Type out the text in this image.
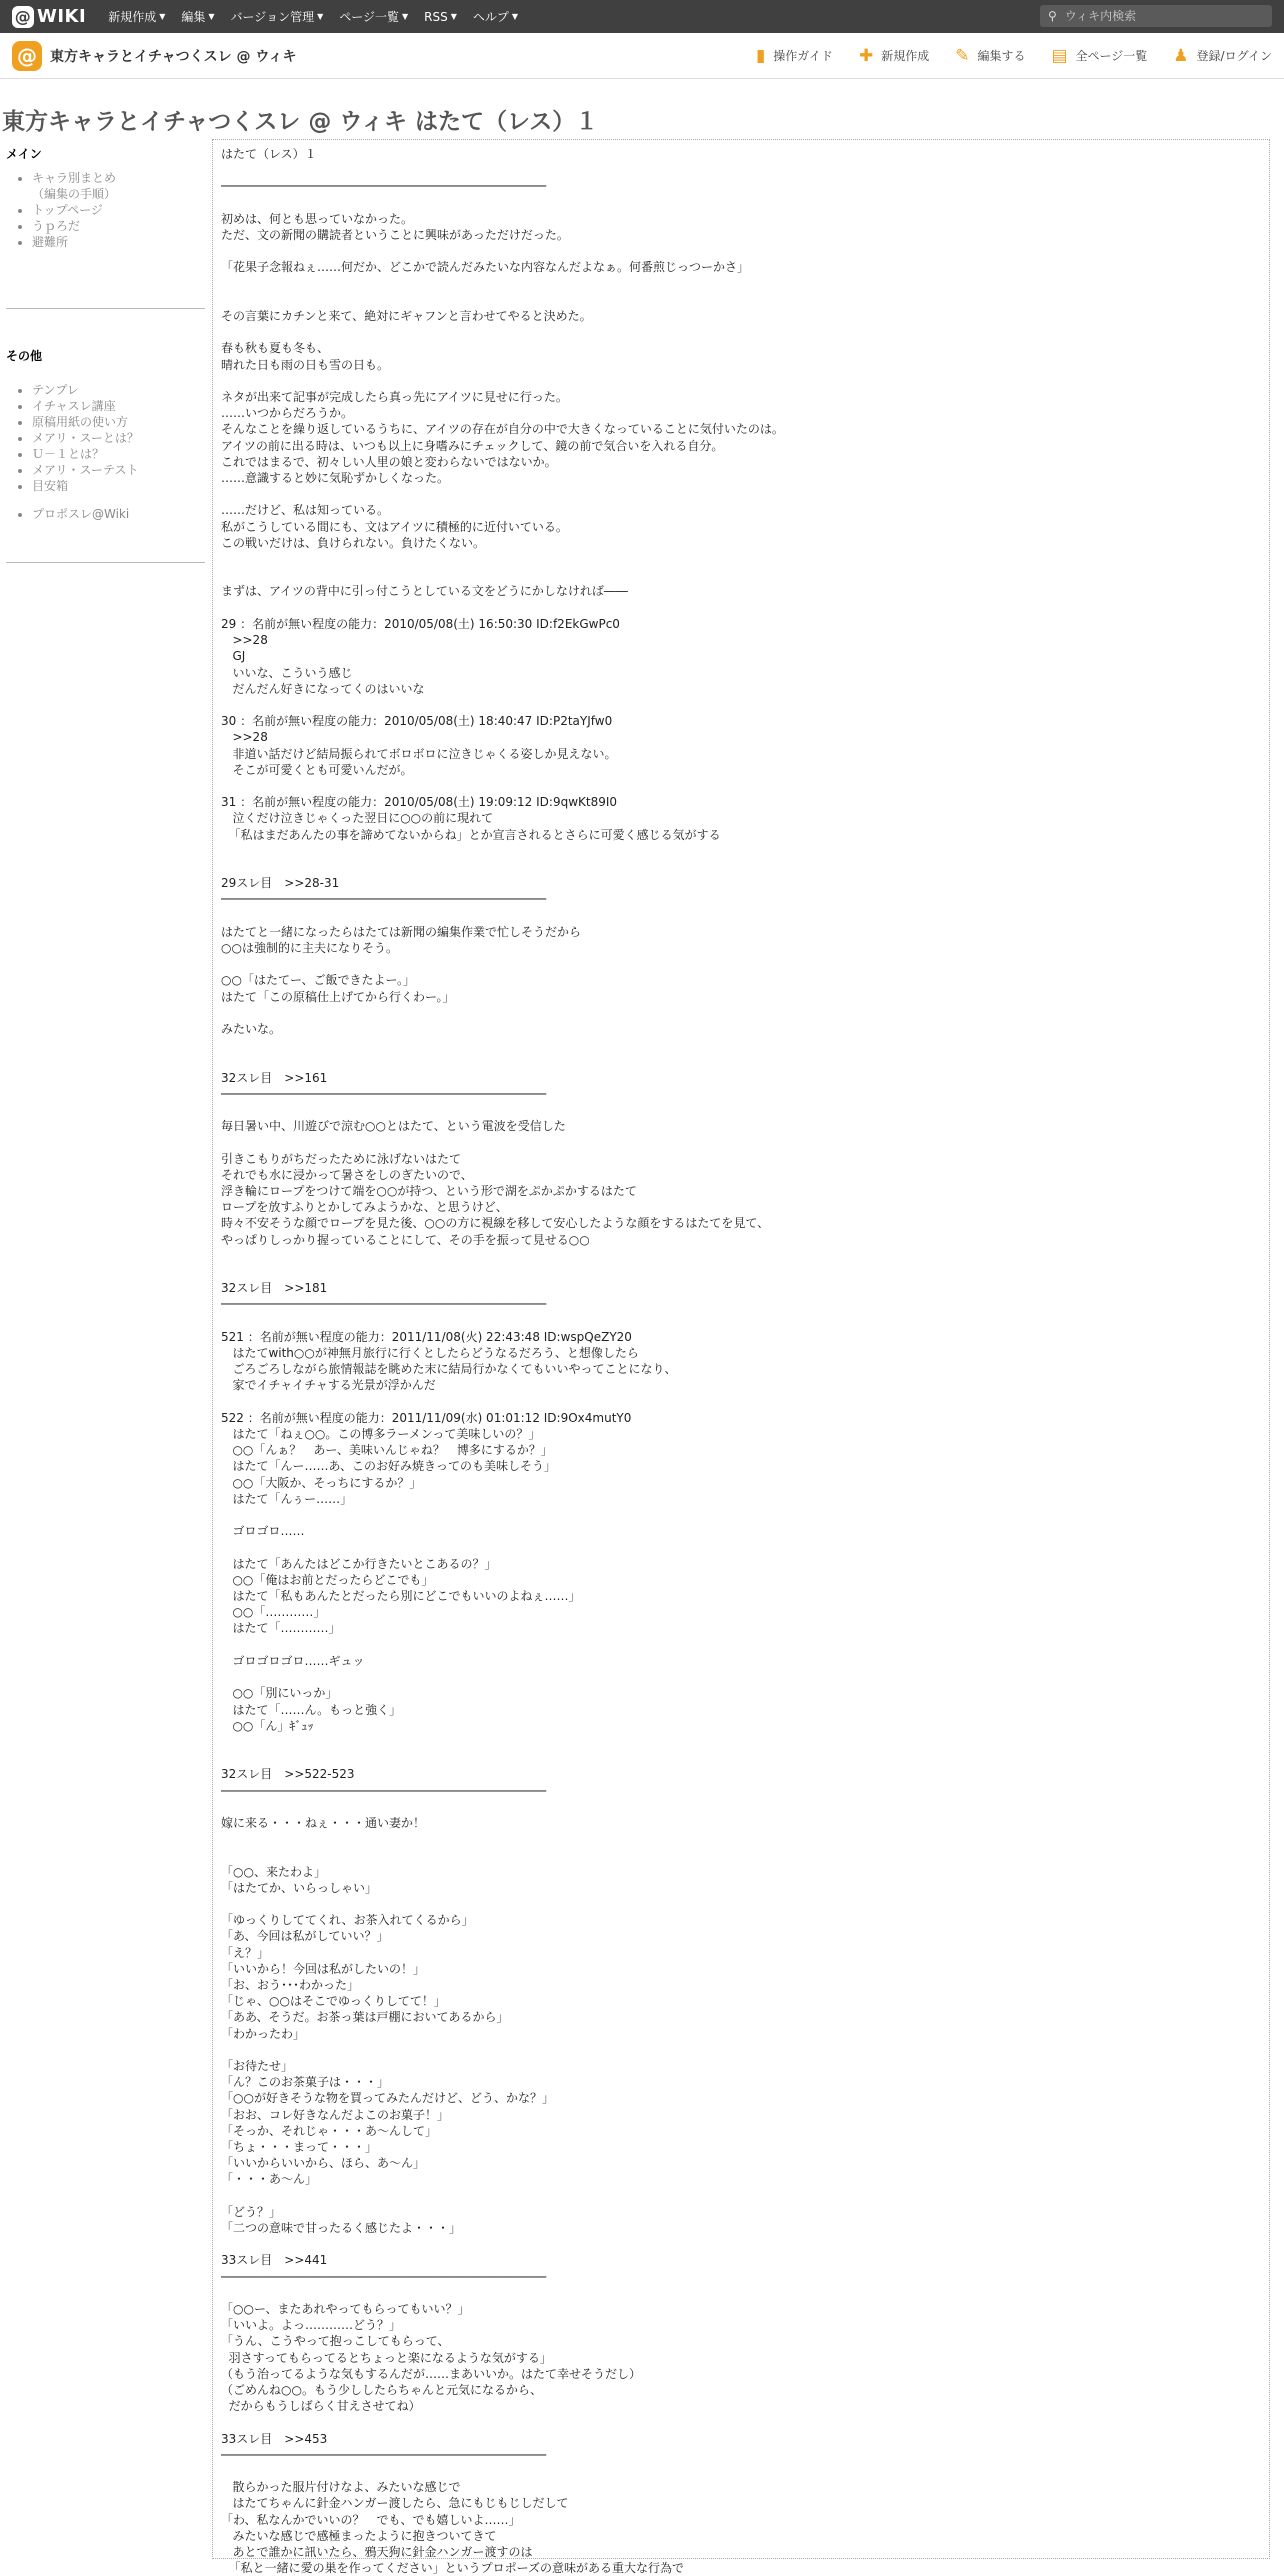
@ WIKI 新規作成 ▼ 編集 ▼ バージョン管理 ▼ ページ一覧 ▼ RSS ▼ ヘルプ ▼	⚲
ウィキ内検索
@ 東方キャラとイチャつくスレ @ ウィキ	▮ 操作ガイド ✚ 新規作成 ✎ 編集する ▤ 全ページ一覧 ♟ 登録/ログイン
東方キャラとイチャつくスレ @ ウィキ はたて（レス）１
メイン
• キャラ別まとめ
（編集の手順）
• トップページ
• うｐろだ
• 避難所
その他
• テンプレ
• イチャスレ講座
• 原稿用紙の使い方
• メアリ・スーとは？
• Ｕ－１とは？
• メアリ・スーテスト
• 目安箱
• プロポスレ@Wiki

はたて（レス）１

─────────────────────────────────────────────

初めは、何とも思っていなかった。

ただ、文の新聞の購読者ということに興味があっただけだった。

「花果子念報ねぇ……何だか、どこかで読んだみたいな内容なんだよなぁ。何番煎じっつーかさ」

その言葉にカチンと来て、絶対にギャフンと言わせてやると決めた。

春も秋も夏も冬も、

晴れた日も雨の日も雪の日も。

ネタが出来て記事が完成したら真っ先にアイツに見せに行った。

……いつからだろうか。

そんなことを繰り返しているうちに、アイツの存在が自分の中で大きくなっていることに気付いたのは。

アイツの前に出る時は、いつも以上に身嗜みにチェックして、鏡の前で気合いを入れる自分。

これではまるで、初々しい人里の娘と変わらないではないか。

……意識すると妙に気恥ずかしくなった。

……だけど、私は知っている。

私がこうしている間にも、文はアイツに積極的に近付いている。

この戦いだけは、負けられない。負けたくない。

まずは、アイツの背中に引っ付こうとしている文をどうにかしなければ――

29 ：名前が無い程度の能力：2010/05/08(土) 16:50:30 ID:f2EkGwPc0

>>28

GJ

いいな、こういう感じ

だんだん好きになってくのはいいな

30 ：名前が無い程度の能力：2010/05/08(土) 18:40:47 ID:P2taYJfw0

>>28

非道い話だけど結局振られてボロボロに泣きじゃくる姿しか見えない。

そこが可愛くとも可愛いんだが。

31 ：名前が無い程度の能力：2010/05/08(土) 19:09:12 ID:9qwKt89I0

泣くだけ泣きじゃくった翌日に○○の前に現れて

「私はまだあんたの事を諦めてないからね」とか宣言されるとさらに可愛く感じる気がする

29スレ目　>>28-31

─────────────────────────────────────────────

はたてと一緒になったらはたては新聞の編集作業で忙しそうだから

○○は強制的に主夫になりそう。

○○「はたてー、ご飯できたよー。」

はたて「この原稿仕上げてから行くわー。」

みたいな。

32スレ目　>>161

─────────────────────────────────────────────

毎日暑い中、川遊びで涼む○○とはたて、という電波を受信した

引きこもりがちだったために泳げないはたて

それでも水に浸かって暑さをしのぎたいので、

浮き輪にロープをつけて端を○○が持つ、という形で湖をぷかぷかするはたて

ロープを放すふりとかしてみようかな、と思うけど、

時々不安そうな顔でロープを見た後、○○の方に視線を移して安心したような顔をするはたてを見て、

やっぱりしっかり握っていることにして、その手を振って見せる○○

32スレ目　>>181

─────────────────────────────────────────────

521 ：名前が無い程度の能力：2011/11/08(火) 22:43:48 ID:wspQeZY20

はたてwith○○が神無月旅行に行くとしたらどうなるだろう、と想像したら

ごろごろしながら旅情報誌を眺めた末に結局行かなくてもいいやってことになり、

家でイチャイチャする光景が浮かんだ

522 ：名前が無い程度の能力：2011/11/09(水) 01:01:12 ID:9Ox4mutY0

はたて「ねぇ○○。この博多ラーメンって美味しいの？」

○○「んぁ？　あー、美味いんじゃね？　博多にするか？」

はたて「んー……あ、このお好み焼きってのも美味しそう」

○○「大阪か、そっちにするか？」

はたて「んぅー……」

ゴロゴロ……

はたて「あんたはどこか行きたいとこあるの？」

○○「俺はお前とだったらどこでも」

はたて「私もあんたとだったら別にどこでもいいのよねぇ……」

○○「…………」

はたて「…………」

ゴロゴロゴロ……ギュッ

○○「別にいっか」

はたて「……ん。もっと強く」

○○「ん」ｷﾞｭｯ

32スレ目　>>522-523

─────────────────────────────────────────────

嫁に来る・・・ねぇ・・・通い妻か！

「○○、来たわよ」

「はたてか、いらっしゃい」

「ゆっくりしててくれ、お茶入れてくるから」

「あ、今回は私がしていい？」

「え？」

「いいから！今回は私がしたいの！」

「お、おう･･･わかった」

「じゃ、○○はそこでゆっくりしてて！」

「ああ、そうだ。お茶っ葉は戸棚においてあるから」

「わかったわ」

「お待たせ」

「ん？このお茶菓子は・・・」

「○○が好きそうな物を買ってみたんだけど、どう、かな？」

「おお、コレ好きなんだよこのお菓子！」

「そっか、それじゃ・・・あ～んして」

「ちょ・・・まって・・・」

「いいからいいから、ほら、あ～ん」

「・・・あ～ん」

「どう？」

「二つの意味で甘ったるく感じたよ・・・」

33スレ目　>>441

─────────────────────────────────────────────

「○○ー、またあれやってもらってもいい？」

「いいよ。よっ…………どう？」

「うん、こうやって抱っこしてもらって、

羽さすってもらってるとちょっと楽になるような気がする」

（もう治ってるような気もするんだが……まあいいか。はたて幸せそうだし）

（ごめんね○○。もう少ししたらちゃんと元気になるから、

だからもうしばらく甘えさせてね）

33スレ目　>>453

─────────────────────────────────────────────

散らかった服片付けなよ、みたいな感じで

はたてちゃんに針金ハンガー渡したら、急にもじもじしだして

「わ、私なんかでいいの？　でも、でも嬉しいよ……」

みたいな感じで感極まったように抱きついてきて

あとで誰かに訊いたら、鴉天狗に針金ハンガー渡すのは

「私と一緒に愛の巣を作ってください」というプロポーズの意味がある重大な行為で
